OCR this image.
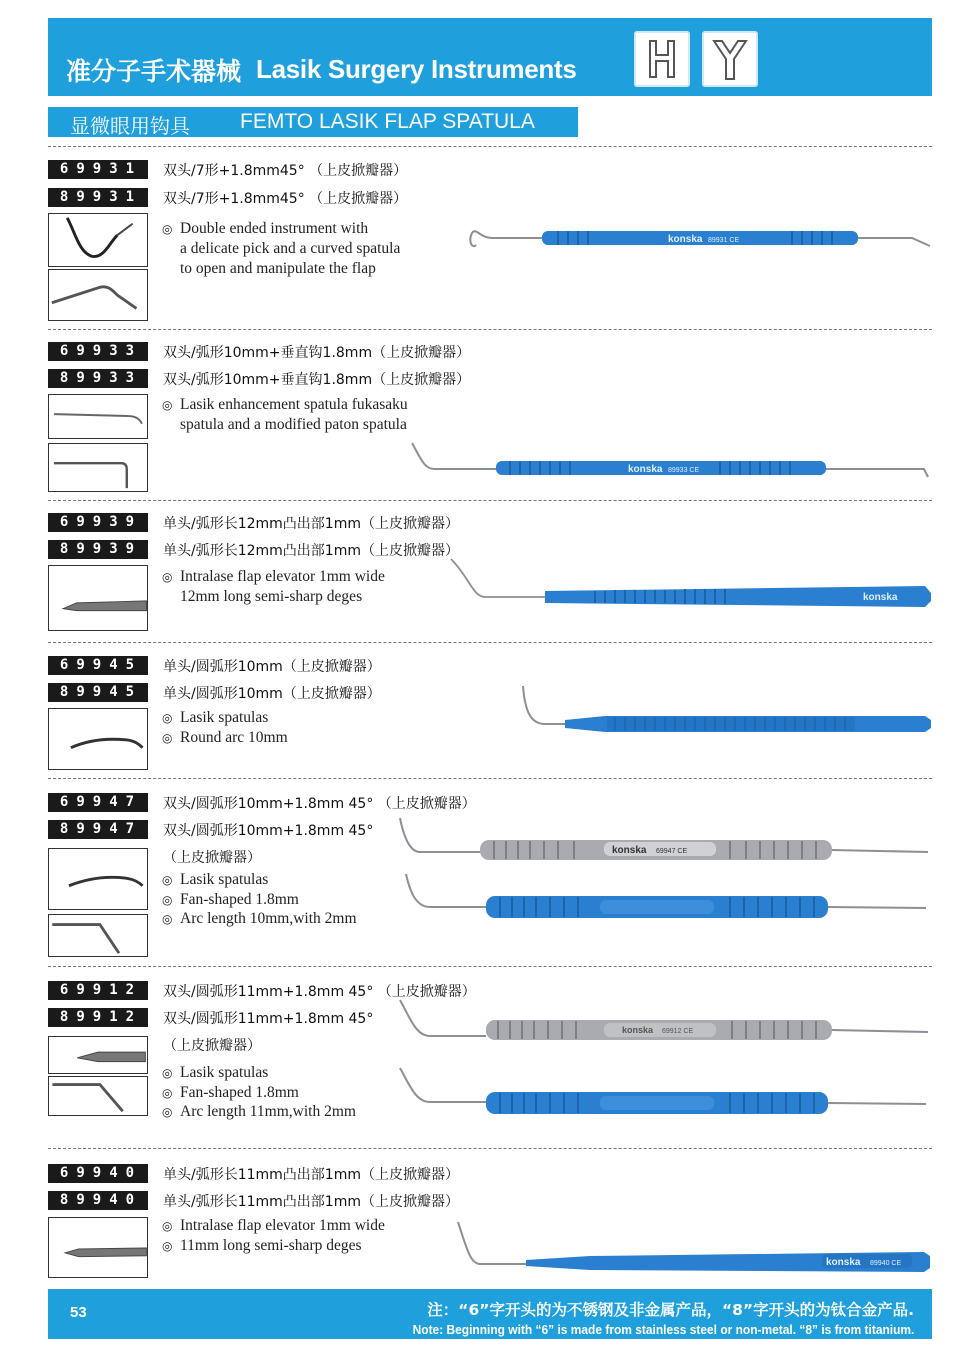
准分子手术器械 Lasik Surgery Instruments
显微眼用钩具 FEMTO LASIK FLAP SPATULA
69931	双头/7形+1.8mm45° （上皮掀瓣器）
89931	双头/7形+1.8mm45° （上皮掀瓣器）
◎ Double ended instrument with
a delicate pick and a curved spatula
to open and manipulate the flap
konska 89931 CE
69933	双头/弧形10mm+垂直钩1.8mm（上皮掀瓣器）
89933	双头/弧形10mm+垂直钩1.8mm（上皮掀瓣器）
◎ Lasik enhancement spatula fukasaku
spatula and a modified paton spatula
konska 89933 CE
69939	单头/弧形长12mm凸出部1mm（上皮掀瓣器）
89939	单头/弧形长12mm凸出部1mm（上皮掀瓣器）
◎ Intralase flap elevator 1mm wide
12mm long semi-sharp deges	konska
69945	单头/圆弧形10mm（上皮掀瓣器）
89945	单头/圆弧形10mm（上皮掀瓣器）
◎ Lasik spatulas
◎ Round arc 10mm
69947	双头/圆弧形10mm+1.8mm 45° （上皮掀瓣器）
89947	双头/圆弧形10mm+1.8mm 45°
（上皮掀瓣器）
◎ Lasik spatulas
◎ Fan-shaped 1.8mm
◎ Arc length 10mm,with 2mm
konska 69947 CE
69912	双头/圆弧形11mm+1.8mm 45° （上皮掀瓣器）
89912	双头/圆弧形11mm+1.8mm 45°
（上皮掀瓣器）
◎ Lasik spatulas
◎ Fan-shaped 1.8mm
◎ Arc length 11mm,with 2mm
konska 69912 CE
69940	单头/弧形长11mm凸出部1mm（上皮掀瓣器）
89940	单头/弧形长11mm凸出部1mm（上皮掀瓣器）
◎ Intralase flap elevator 1mm wide
◎ 11mm long semi-sharp deges
konska 89940 CE
53	注：“6”字开头的为不锈钢及非金属产品，“8”字开头的为钛合金产品.
Note: Beginning with “6” is made from stainless steel or non-metal. “8” is from titanium.
